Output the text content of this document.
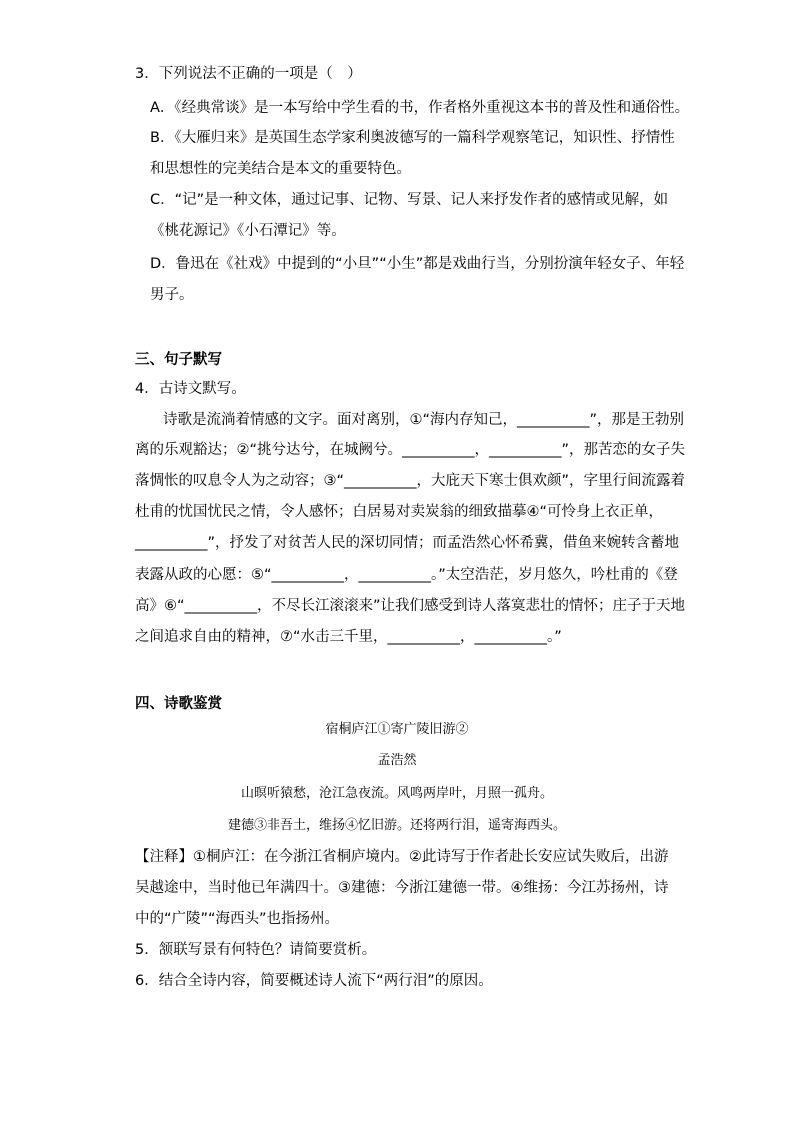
3．下列说法不正确的一项是（　）
A．《经典常谈》是一本写给中学生看的书，作者格外重视这本书的普及性和通俗性。
B．《大雁归来》是英国生态学家利奥波德写的一篇科学观察笔记，知识性、抒情性
和思想性的完美结合是本文的重要特色。
C．“记”是一种文体，通过记事、记物、写景、记人来抒发作者的感情或见解，如
《桃花源记》《小石潭记》等。
D．鲁迅在《社戏》中提到的“小旦”“小生”都是戏曲行当，分别扮演年轻女子、年轻
男子。
三、句子默写
4．古诗文默写。
诗歌是流淌着情感的文字。面对离别，①“海内存知己，__________”，那是王勃别
离的乐观豁达；②“挑兮达兮，在城阙兮。__________，__________”，那苦恋的女子失
落惆怅的叹息令人为之动容；③“__________，大庇天下寒士俱欢颜”，字里行间流露着
杜甫的忧国忧民之情，令人感怀；白居易对卖炭翁的细致描摹④“可怜身上衣正单，
__________”，抒发了对贫苦人民的深切同情；而孟浩然心怀希冀，借鱼来婉转含蓄地
表露从政的心愿：⑤“__________，__________。”太空浩茫，岁月悠久，吟杜甫的《登
高》⑥“__________，不尽长江滚滚来”让我们感受到诗人落寞悲壮的情怀；庄子于天地
之间追求自由的精神，⑦“水击三千里，__________，__________。”
四、诗歌鉴赏
宿桐庐江①寄广陵旧游②
孟浩然
山暝听猿愁，沧江急夜流。风鸣两岸叶，月照一孤舟。
建德③非吾土，维扬④忆旧游。还将两行泪，遥寄海西头。
【注释】①桐庐江：在今浙江省桐庐境内。②此诗写于作者赴长安应试失败后，出游
吴越途中，当时他已年满四十。③建德：今浙江建德一带。④维扬：今江苏扬州，诗
中的“广陵”“海西头”也指扬州。
5．颔联写景有何特色？请简要赏析。
6．结合全诗内容，简要概述诗人流下“两行泪”的原因。
